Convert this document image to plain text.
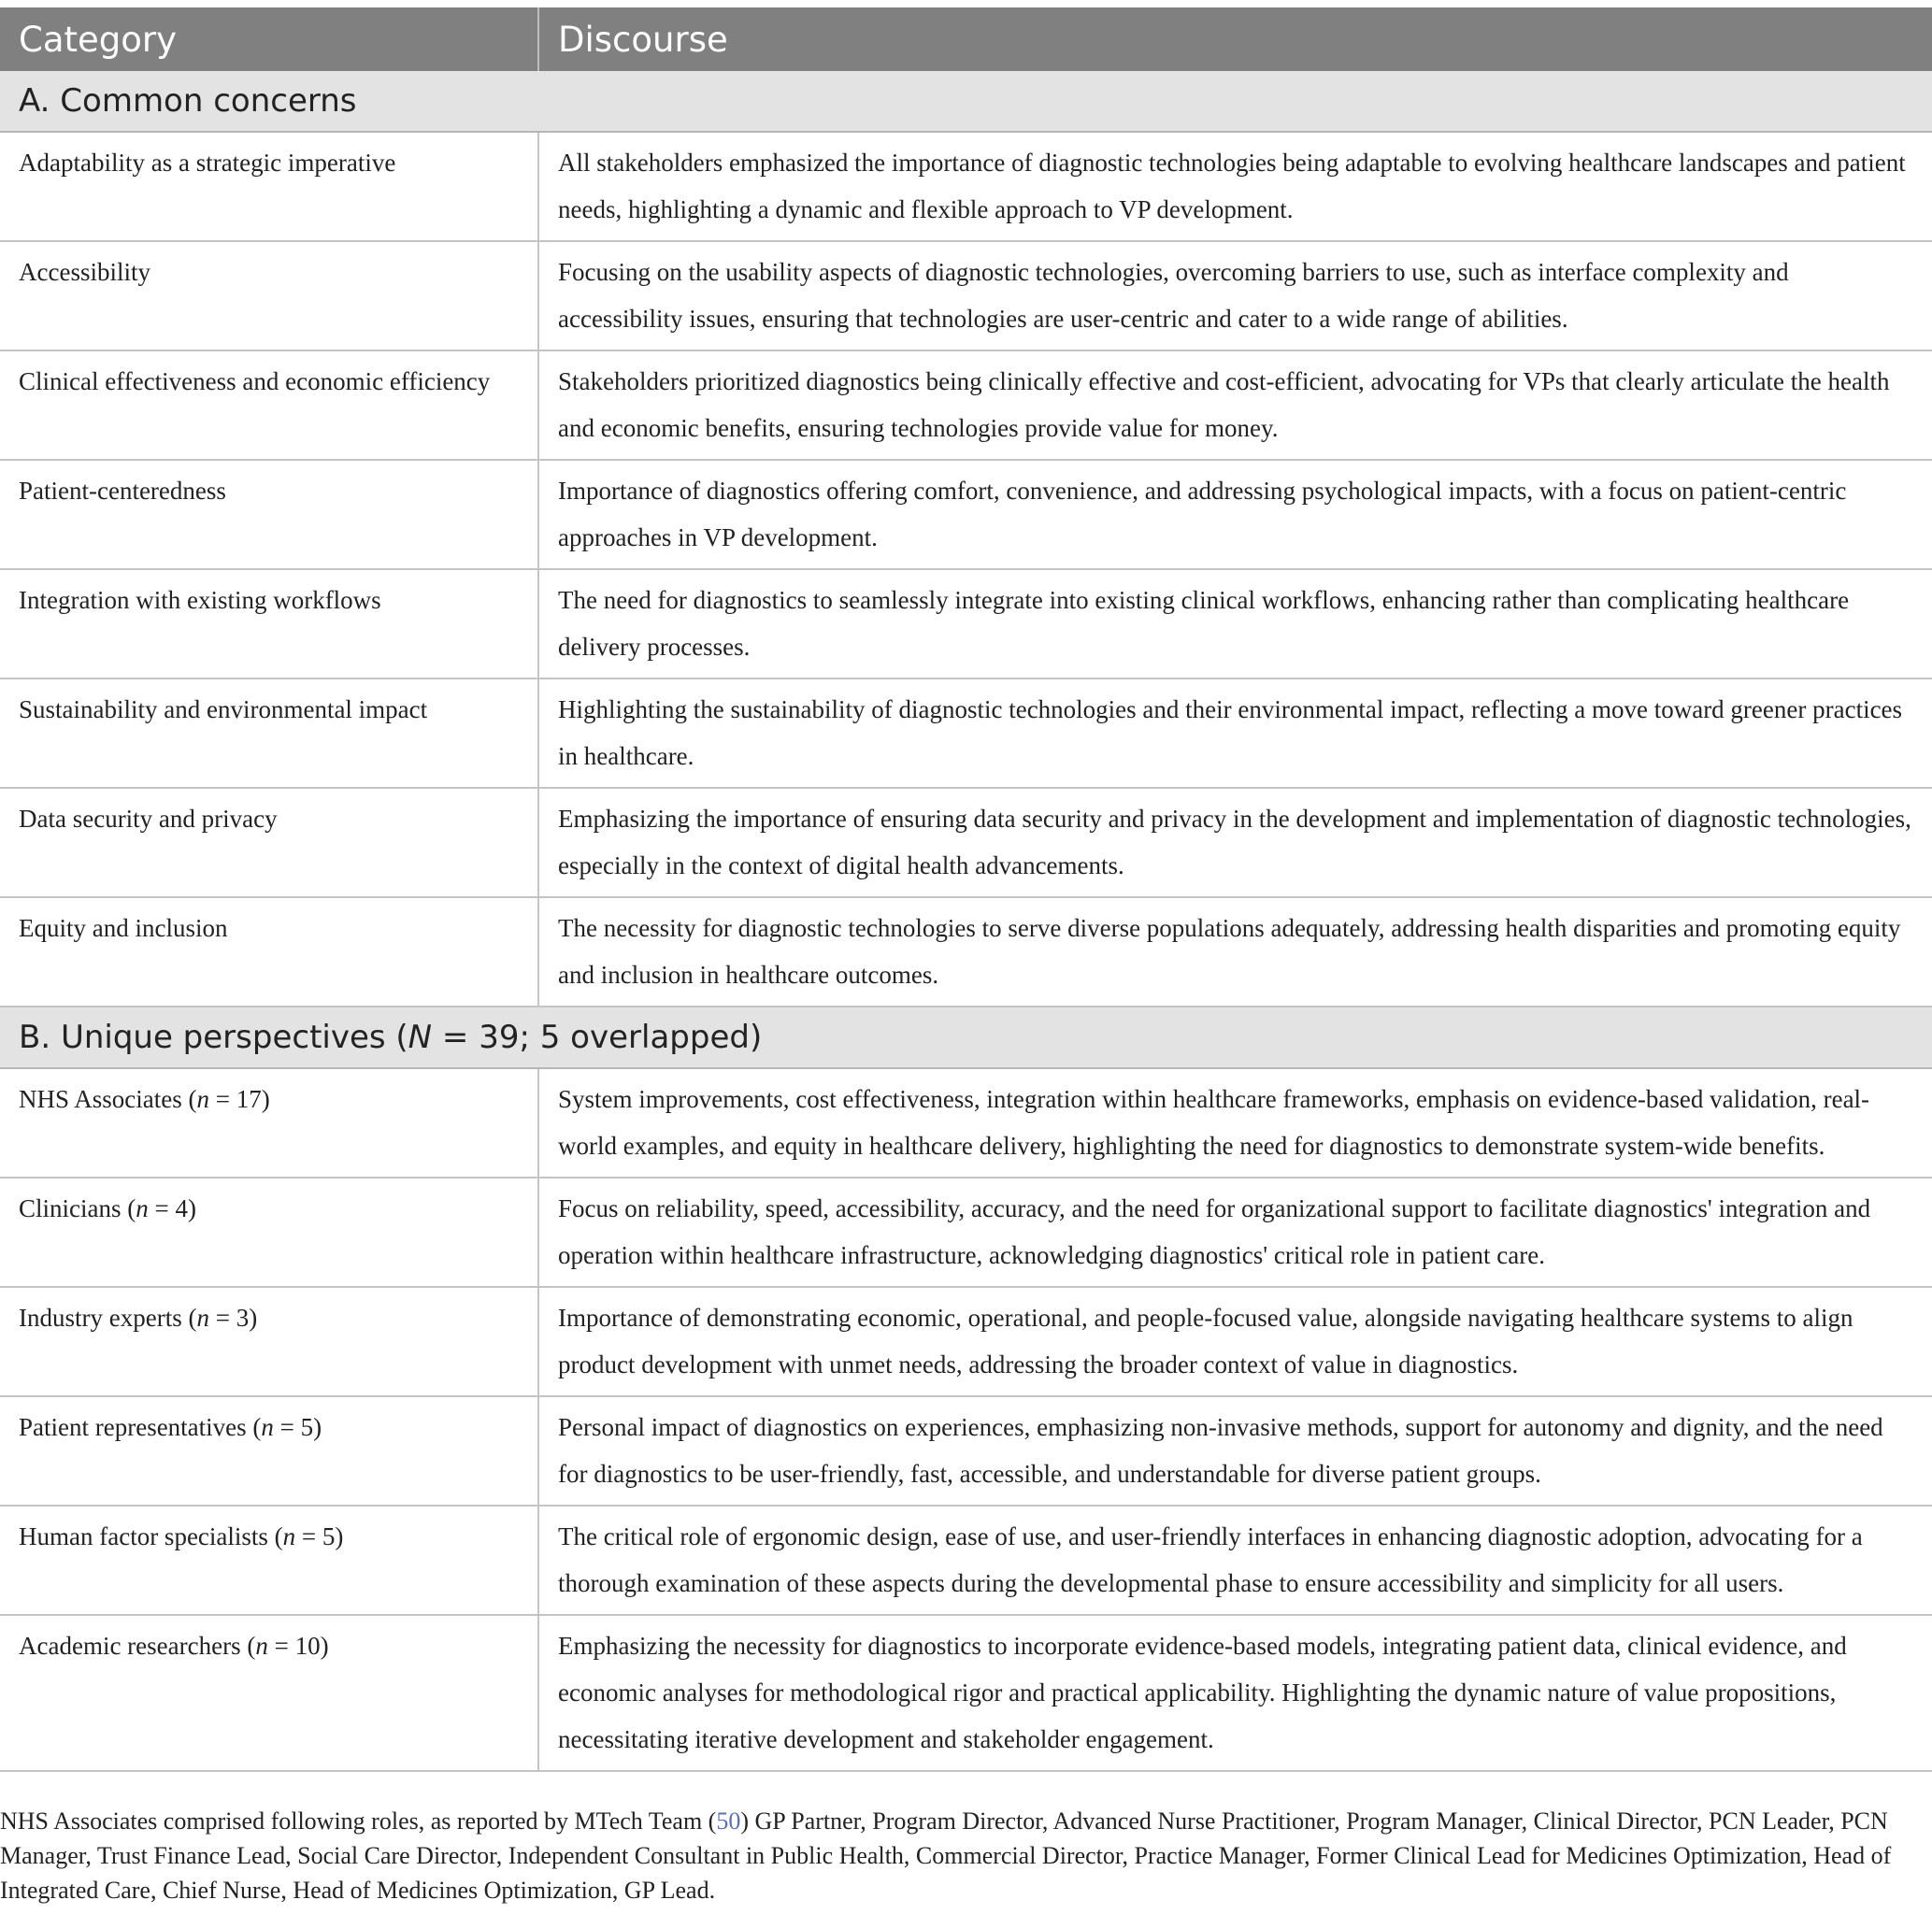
Category	Discourse
A. Common concerns	
Adaptability as a strategic imperative	All stakeholders emphasized the importance of diagnostic technologies being adaptable to evolving healthcare landscapes and patient needs, highlighting a dynamic and flexible approach to VP development.
Accessibility	Focusing on the usability aspects of diagnostic technologies, overcoming barriers to use, such as interface complexity and accessibility issues, ensuring that technologies are user-centric and cater to a wide range of abilities.
Clinical effectiveness and economic efficiency	Stakeholders prioritized diagnostics being clinically effective and cost-efficient, advocating for VPs that clearly articulate the health and economic benefits, ensuring technologies provide value for money.
Patient-centeredness	Importance of diagnostics offering comfort, convenience, and addressing psychological impacts, with a focus on patient-centric approaches in VP development.
Integration with existing workflows	The need for diagnostics to seamlessly integrate into existing clinical workflows, enhancing rather than complicating healthcare delivery processes.
Sustainability and environmental impact	Highlighting the sustainability of diagnostic technologies and their environmental impact, reflecting a move toward greener practices in healthcare.
Data security and privacy	Emphasizing the importance of ensuring data security and privacy in the development and implementation of diagnostic technologies, especially in the context of digital health advancements.
Equity and inclusion	The necessity for diagnostic technologies to serve diverse populations adequately, addressing health disparities and promoting equity and inclusion in healthcare outcomes.
B. Unique perspectives (N = 39; 5 overlapped)	
NHS Associates (n = 17)	System improvements, cost effectiveness, integration within healthcare frameworks, emphasis on evidence-based validation, real-world examples, and equity in healthcare delivery, highlighting the need for diagnostics to demonstrate system-wide benefits.
Clinicians (n = 4)	Focus on reliability, speed, accessibility, accuracy, and the need for organizational support to facilitate diagnostics' integration and operation within healthcare infrastructure, acknowledging diagnostics' critical role in patient care.
Industry experts (n = 3)	Importance of demonstrating economic, operational, and people-focused value, alongside navigating healthcare systems to align product development with unmet needs, addressing the broader context of value in diagnostics.
Patient representatives (n = 5)	Personal impact of diagnostics on experiences, emphasizing non-invasive methods, support for autonomy and dignity, and the need for diagnostics to be user-friendly, fast, accessible, and understandable for diverse patient groups.
Human factor specialists (n = 5)	The critical role of ergonomic design, ease of use, and user-friendly interfaces in enhancing diagnostic adoption, advocating for a thorough examination of these aspects during the developmental phase to ensure accessibility and simplicity for all users.
Academic researchers (n = 10)	Emphasizing the necessity for diagnostics to incorporate evidence-based models, integrating patient data, clinical evidence, and economic analyses for methodological rigor and practical applicability. Highlighting the dynamic nature of value propositions, necessitating iterative development and stakeholder engagement.
NHS Associates comprised following roles, as reported by MTech Team (50) GP Partner, Program Director, Advanced Nurse Practitioner, Program Manager, Clinical Director, PCN Leader, PCN Manager, Trust Finance Lead, Social Care Director, Independent Consultant in Public Health, Commercial Director, Practice Manager, Former Clinical Lead for Medicines Optimization, Head of Integrated Care, Chief Nurse, Head of Medicines Optimization, GP Lead.
